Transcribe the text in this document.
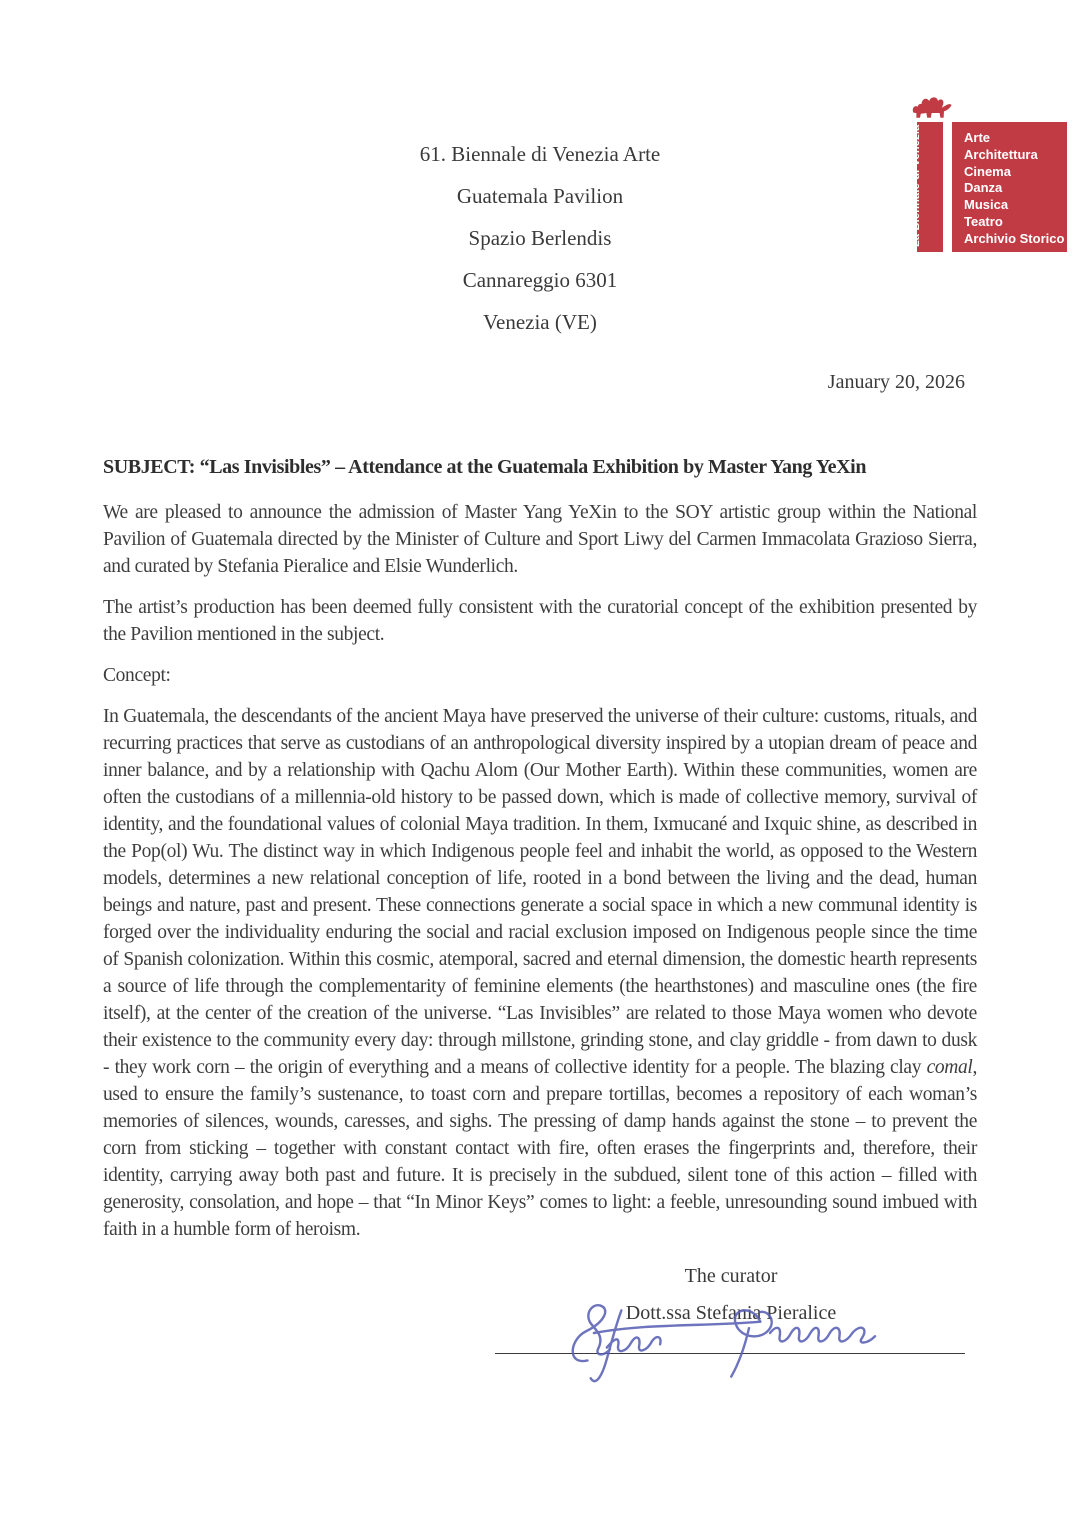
La Biennale di Venezia	Arte
Architettura
Cinema
Danza
Musica
Teatro
Archivio Storico
61. Biennale di Venezia Arte
Guatemala Pavilion
Spazio Berlendis
Cannareggio 6301
Venezia (VE)
January 20, 2026
SUBJECT: “Las Invisibles” – Attendance at the Guatemala Exhibition by Master Yang YeXin

We are pleased to announce the admission of Master Yang YeXin to the SOY artistic group within the National Pavilion of Guatemala directed by the Minister of Culture and Sport Liwy del Carmen Immacolata Grazioso Sierra, and curated by Stefania Pieralice and Elsie Wunderlich.

The artist’s production has been deemed fully consistent with the curatorial concept of the exhibition presented by the Pavilion mentioned in the subject.

Concept:

In Guatemala, the descendants of the ancient Maya have preserved the universe of their culture: customs, rituals, and recurring practices that serve as custodians of an anthropological diversity inspired by a utopian dream of peace and inner balance, and by a relationship with Qachu Alom (Our Mother Earth). Within these communities, women are often the custodians of a millennia-old history to be passed down, which is made of collective memory, survival of identity, and the foundational values of colonial Maya tradition. In them, Ixmucané and Ixquic shine, as described in the Pop(ol) Wu. The distinct way in which Indigenous people feel and inhabit the world, as opposed to the Western models, determines a new relational conception of life, rooted in a bond between the living and the dead, human beings and nature, past and present. These connections generate a social space in which a new communal identity is forged over the individuality enduring the social and racial exclusion imposed on Indigenous people since the time of Spanish colonization. Within this cosmic, atemporal, sacred and eternal dimension, the domestic hearth represents a source of life through the complementarity of feminine elements (the hearthstones) and masculine ones (the fire itself), at the center of the creation of the universe. “Las Invisibles” are related to those Maya women who devote their existence to the community every day: through millstone, grinding stone, and clay griddle - from dawn to dusk - they work corn – the origin of everything and a means of collective identity for a people. The blazing clay comal, used to ensure the family’s sustenance, to toast corn and prepare tortillas, becomes a repository of each woman’s memories of silences, wounds, caresses, and sighs. The pressing of damp hands against the stone – to prevent the corn from sticking – together with constant contact with fire, often erases the fingerprints and, therefore, their identity, carrying away both past and future. It is precisely in the subdued, silent tone of this action – filled with generosity, consolation, and hope – that “In Minor Keys” comes to light: a feeble, unresounding sound imbued with faith in a humble form of heroism.

The curator
Dott.ssa Stefania Pieralice
